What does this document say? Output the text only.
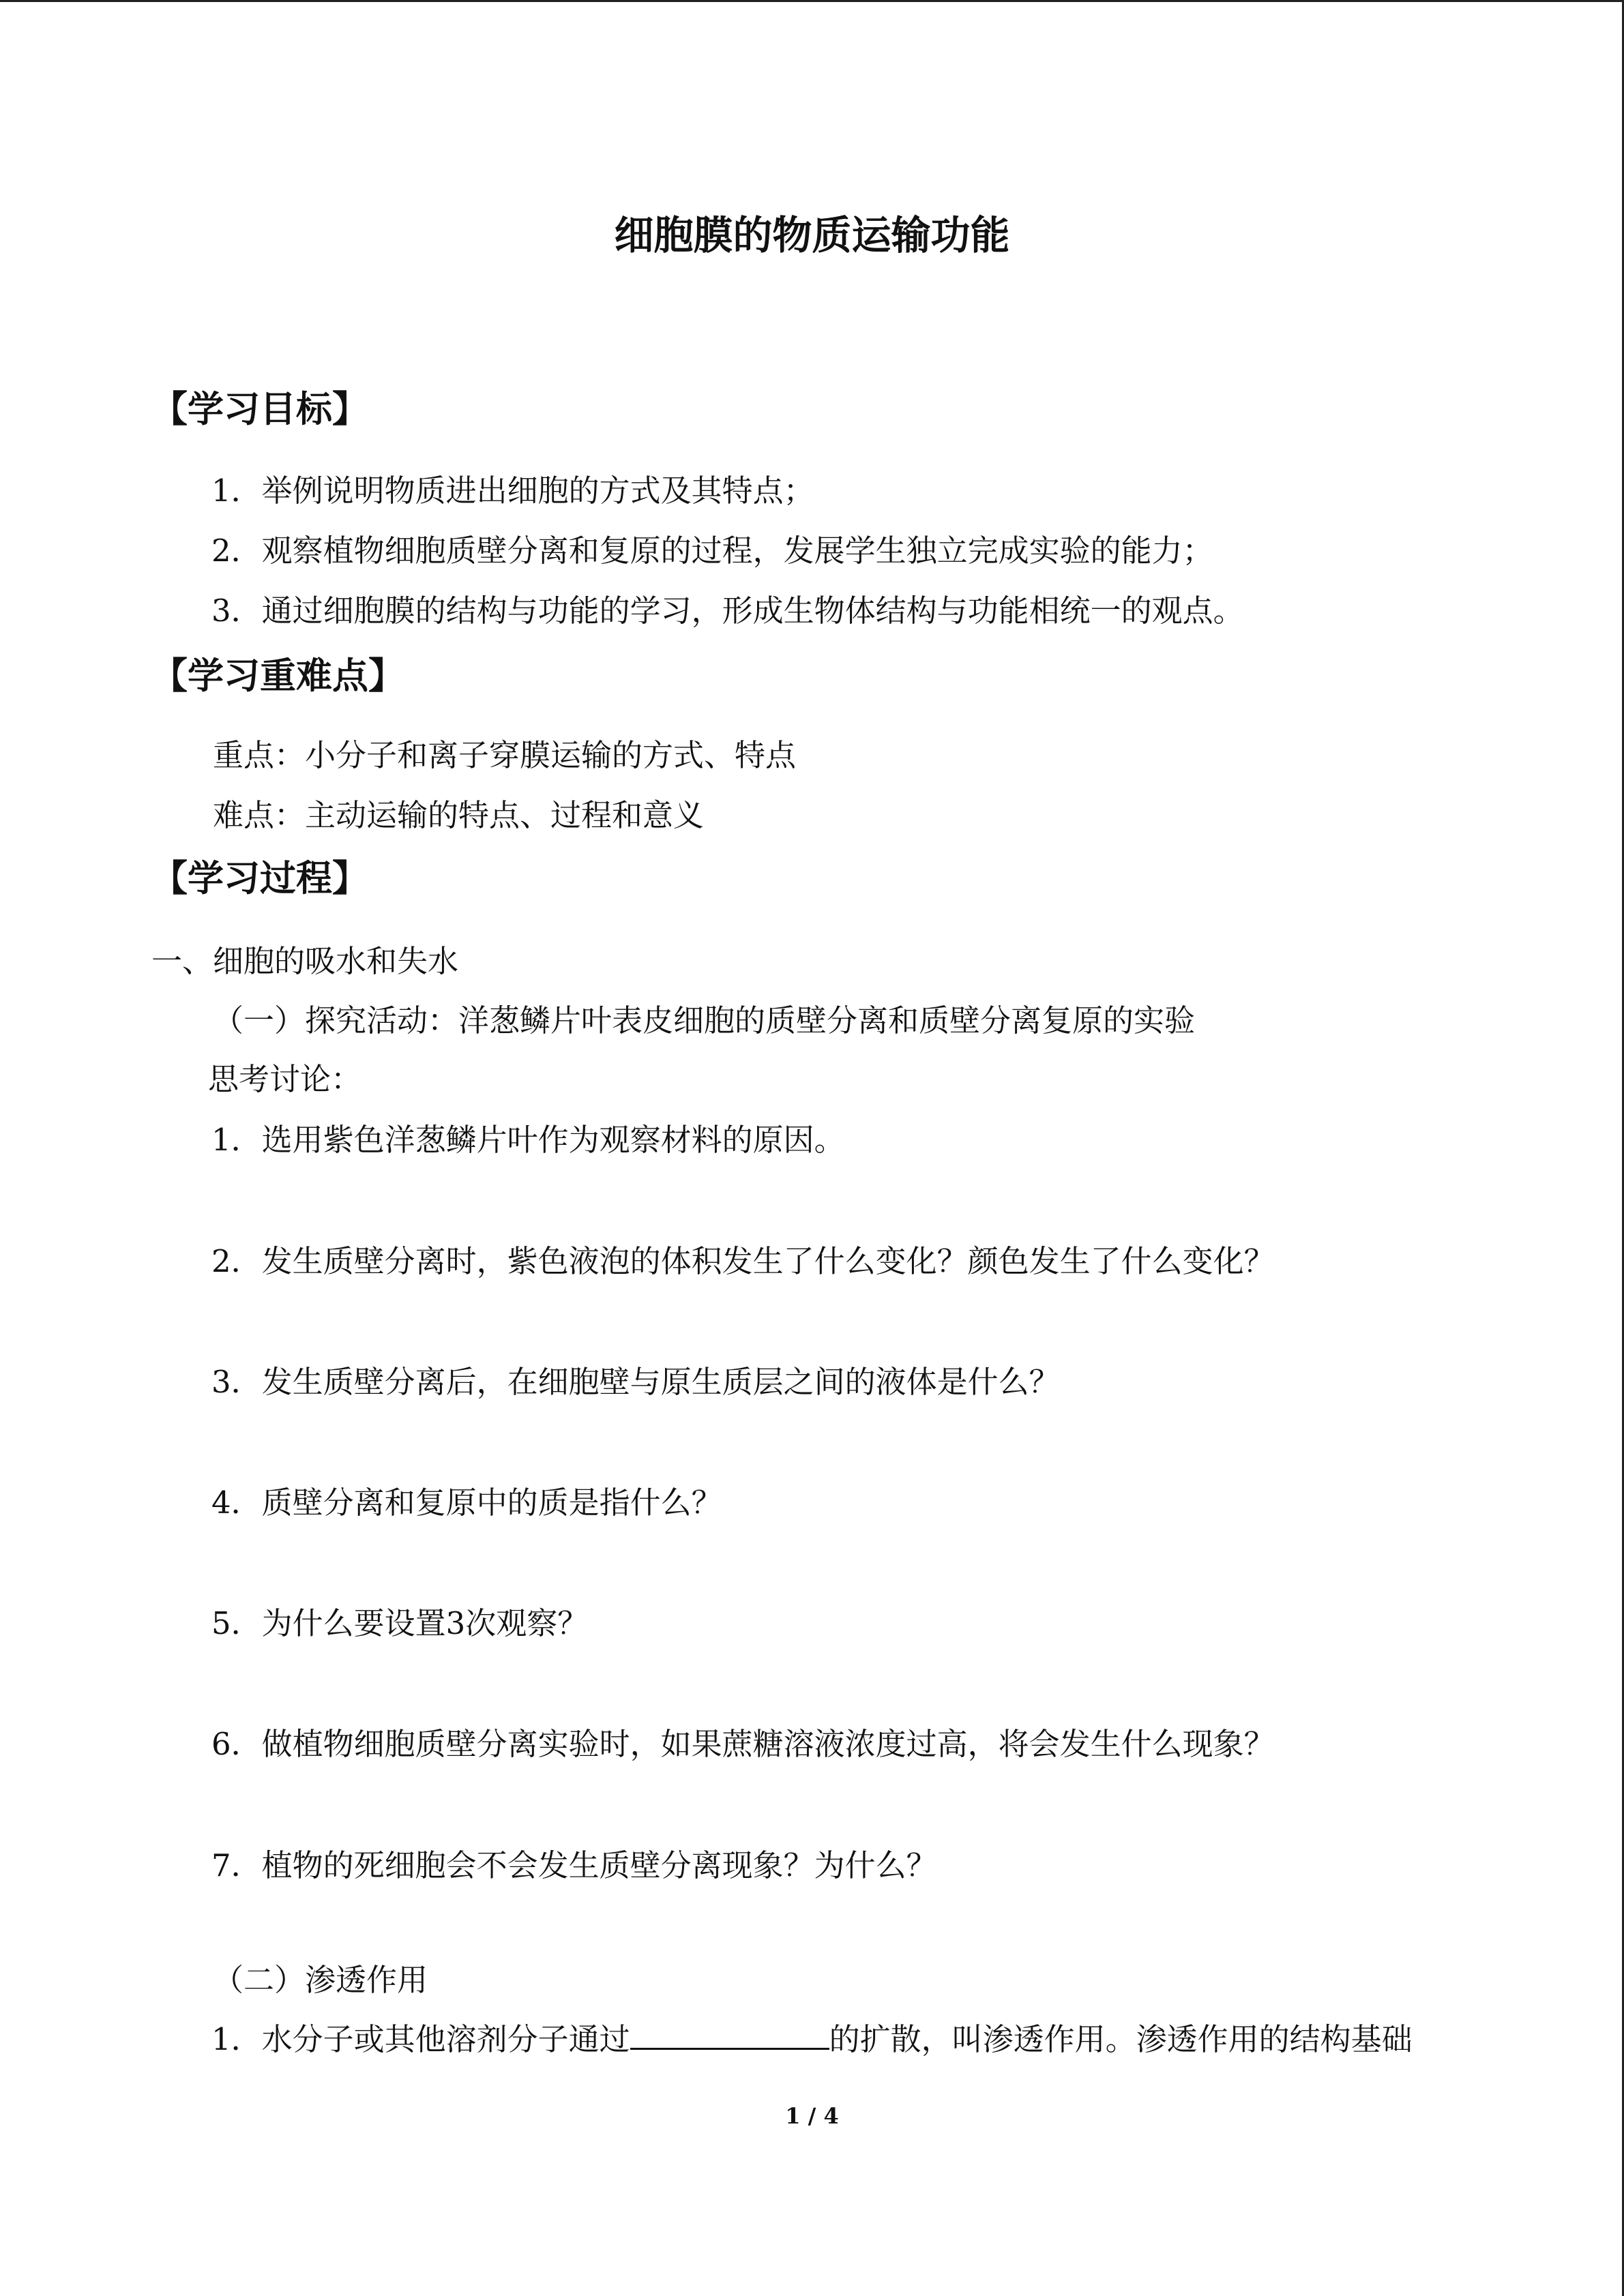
细胞膜的物质运输功能
【学习目标】
1．举例说明物质进出细胞的方式及其特点；
2．观察植物细胞质壁分离和复原的过程，发展学生独立完成实验的能力；
3．通过细胞膜的结构与功能的学习，形成生物体结构与功能相统一的观点。
【学习重难点】
重点：小分子和离子穿膜运输的方式、特点
难点：主动运输的特点、过程和意义
【学习过程】
一、细胞的吸水和失水
（一）探究活动：洋葱鳞片叶表皮细胞的质壁分离和质壁分离复原的实验
思考讨论：
1．选用紫色洋葱鳞片叶作为观察材料的原因。
2．发生质壁分离时，紫色液泡的体积发生了什么变化？颜色发生了什么变化？
3．发生质壁分离后，在细胞壁与原生质层之间的液体是什么？
4．质壁分离和复原中的质是指什么？
5．为什么要设置3次观察？
6．做植物细胞质壁分离实验时，如果蔗糖溶液浓度过高，将会发生什么现象？
7．植物的死细胞会不会发生质壁分离现象？为什么？
（二）渗透作用
1．水分子或其他溶剂分子通过	的扩散，叫渗透作用。渗透作用的结构基础
1 / 4
